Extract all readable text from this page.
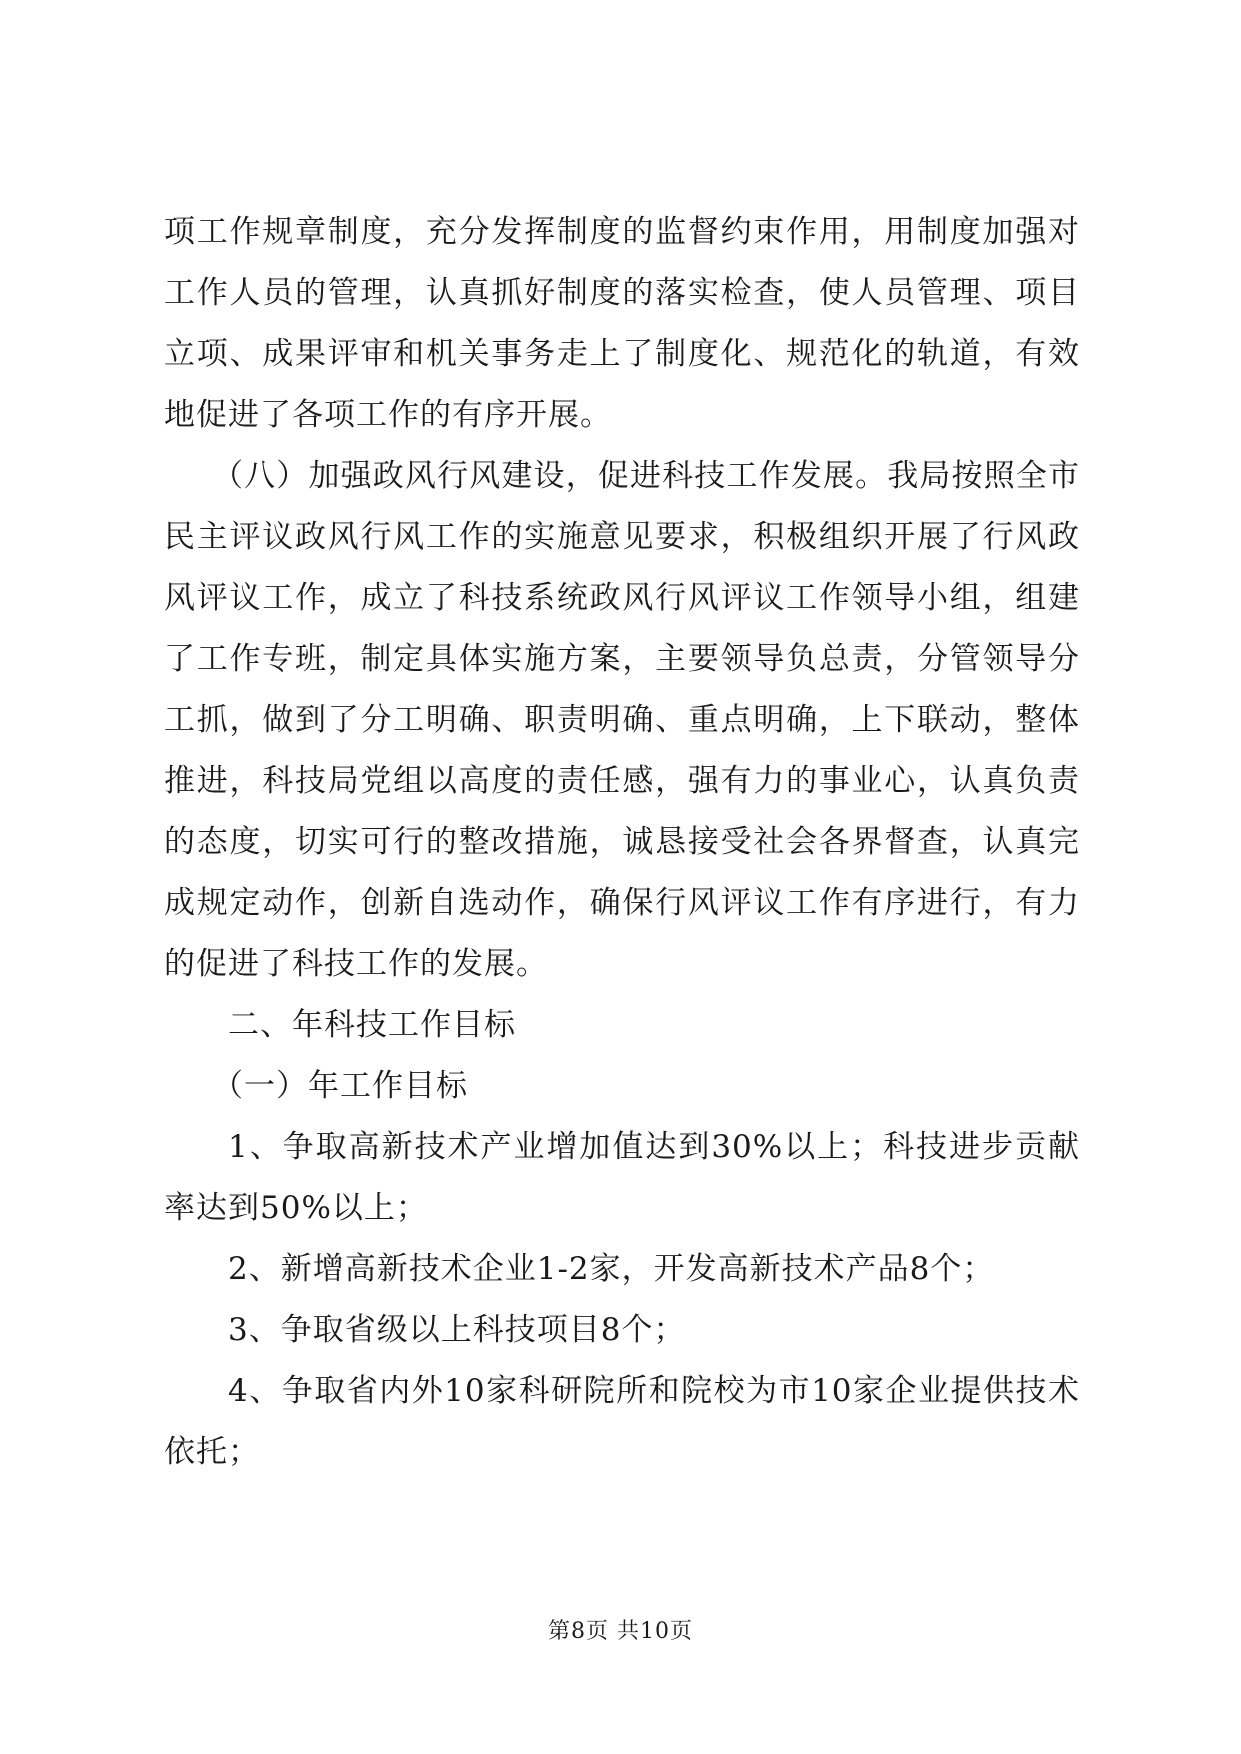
项工作规章制度，充分发挥制度的监督约束作用，用制度加强对工作人员的管理，认真抓好制度的落实检查，使人员管理、项目立项、成果评审和机关事务走上了制度化、规范化的轨道，有效地促进了各项工作的有序开展。

（八）加强政风行风建设，促进科技工作发展。我局按照全市民主评议政风行风工作的实施意见要求，积极组织开展了行风政风评议工作，成立了科技系统政风行风评议工作领导小组，组建了工作专班，制定具体实施方案，主要领导负总责，分管领导分工抓，做到了分工明确、职责明确、重点明确，上下联动，整体推进，科技局党组以高度的责任感，强有力的事业心，认真负责的态度，切实可行的整改措施，诚恳接受社会各界督查，认真完成规定动作，创新自选动作，确保行风评议工作有序进行，有力的促进了科技工作的发展。

二、年科技工作目标

（一）年工作目标

1、争取高新技术产业增加值达到30%以上；科技进步贡献率达到50%以上；

2、新增高新技术企业1-2家，开发高新技术产品8个；

3、争取省级以上科技项目8个；

4、争取省内外10家科研院所和院校为市10家企业提供技术依托；

第8页 共10页
